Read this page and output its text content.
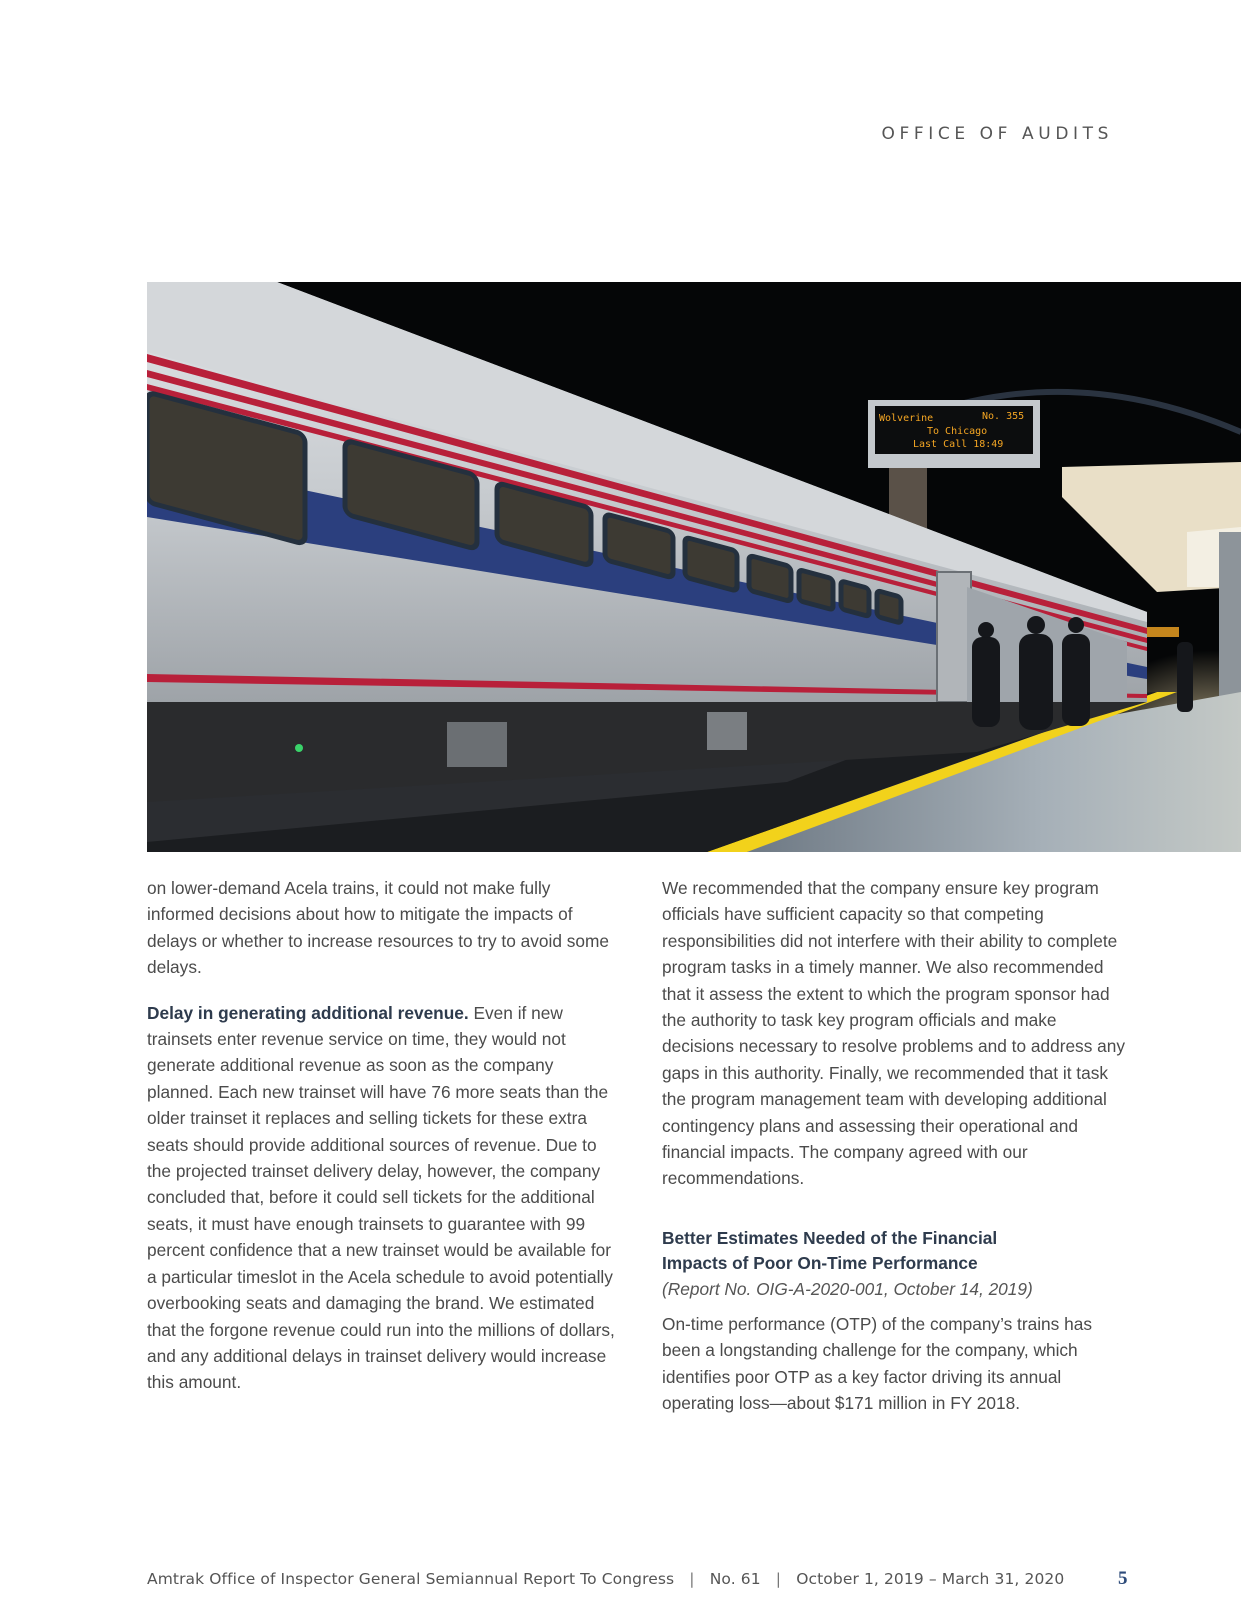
OFFICE OF AUDITS
Wolverine	No. 355
To Chicago
Last Call 18:49

on lower-demand Acela trains, it could not make fully informed decisions about how to mitigate the impacts of delays or whether to increase resources to try to avoid some delays.

Delay in generating additional revenue. Even if new trainsets enter revenue service on time, they would not generate additional revenue as soon as the company planned. Each new trainset will have 76 more seats than the older trainset it replaces and selling tickets for these extra seats should provide additional sources of revenue. Due to the projected trainset delivery delay, however, the company concluded that, before it could sell tickets for the additional seats, it must have enough trainsets to guarantee with 99 percent confidence that a new trainset would be available for a particular timeslot in the Acela schedule to avoid potentially overbooking seats and damaging the brand. We estimated that the forgone revenue could run into the millions of dollars, and any additional delays in trainset delivery would increase this amount.

We recommended that the company ensure key program officials have sufficient capacity so that competing responsibilities did not interfere with their ability to complete program tasks in a timely manner. We also recommended that it assess the extent to which the program sponsor had the authority to task key program officials and make decisions necessary to resolve problems and to address any gaps in this authority. Finally, we recommended that it task the program management team with developing additional contingency plans and assessing their operational and financial impacts. The company agreed with our recommendations.

Better Estimates Needed of the Financial
Impacts of Poor On-Time Performance
(Report No. OIG-A-2020-001, October 14, 2019)

On-time performance (OTP) of the company’s trains has been a longstanding challenge for the company, which identifies poor OTP as a key factor driving its annual operating loss—about $171 million in FY 2018.

Amtrak Office of Inspector General Semiannual Report To Congress | No. 61 | October 1, 2019 – March 31, 2020	5
